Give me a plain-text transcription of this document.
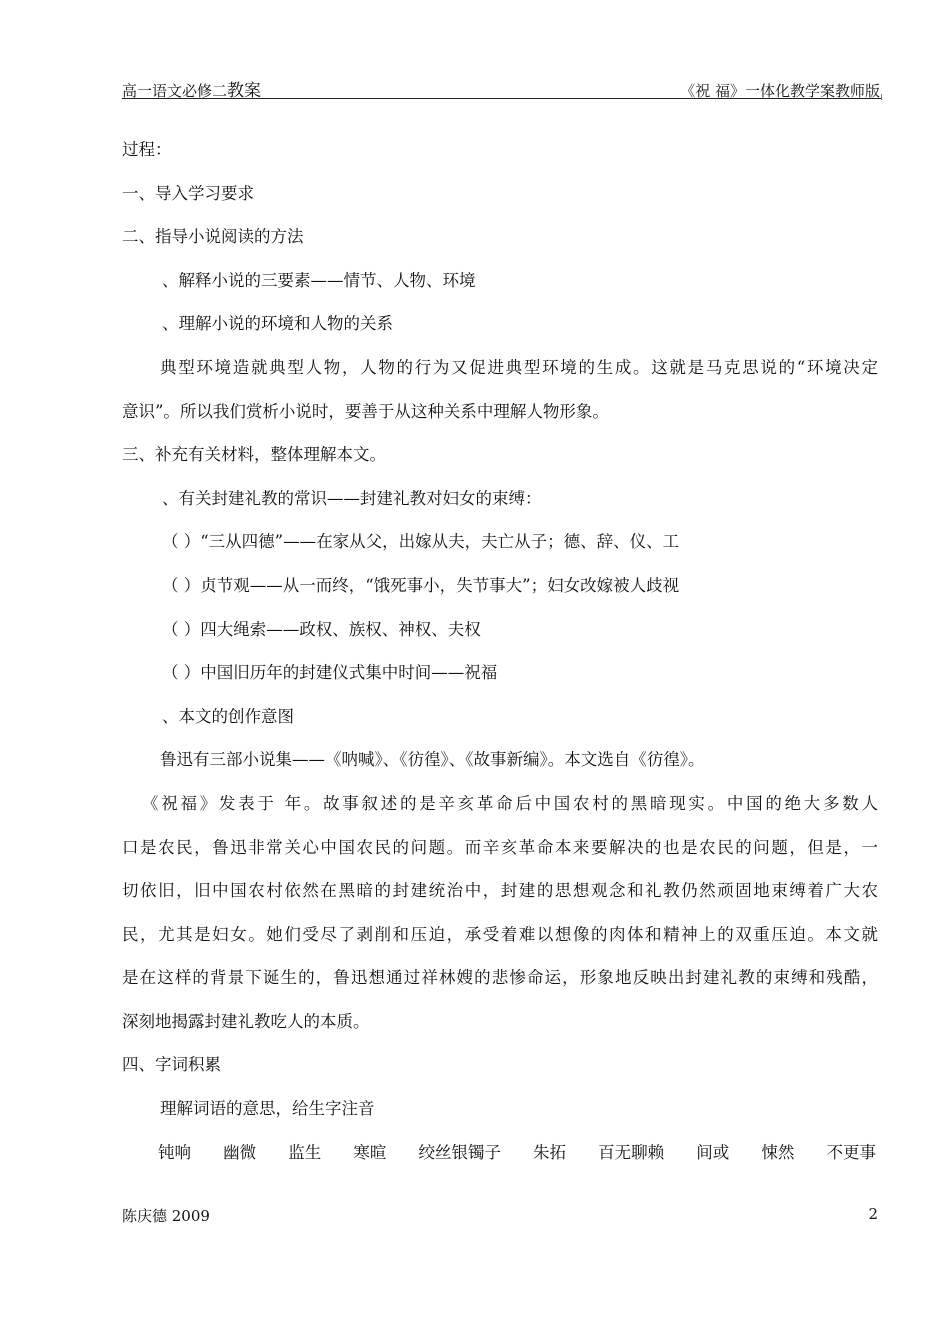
高一语文必修二教案	《祝 福》一体化教学案教师版
过程：
一、导入学习要求
二、指导小说阅读的方法
、解释小说的三要素——情节、人物、环境
、理解小说的环境和人物的关系
典型环境造就典型人物，人物的行为又促进典型环境的生成。这就是马克思说的“环境决定
意识”。所以我们赏析小说时，要善于从这种关系中理解人物形象。
三、补充有关材料，整体理解本文。
、有关封建礼教的常识——封建礼教对妇女的束缚：
（ ）“三从四德”——在家从父，出嫁从夫，夫亡从子；德、辞、仪、工
（ ）贞节观——从一而终，“饿死事小，失节事大”；妇女改嫁被人歧视
（ ）四大绳索——政权、族权、神权、夫权
（ ）中国旧历年的封建仪式集中时间——祝福
、本文的创作意图
鲁迅有三部小说集——《呐喊》、《彷徨》、《故事新编》。本文选自《彷徨》。
《祝福》发表于 年。故事叙述的是辛亥革命后中国农村的黑暗现实。中国的绝大多数人
口是农民，鲁迅非常关心中国农民的问题。而辛亥革命本来要解决的也是农民的问题，但是，一
切依旧，旧中国农村依然在黑暗的封建统治中，封建的思想观念和礼教仍然顽固地束缚着广大农
民，尤其是妇女。她们受尽了剥削和压迫，承受着难以想像的肉体和精神上的双重压迫。本文就
是在这样的背景下诞生的，鲁迅想通过祥林嫂的悲惨命运，形象地反映出封建礼教的束缚和残酷，
深刻地揭露封建礼教吃人的本质。
四、字词积累
理解词语的意思，给生字注音
钝响 幽微 监生 寒暄 绞丝银镯子 朱拓 百无聊赖 间或 悚然 不更事
陈庆德 2009	2
